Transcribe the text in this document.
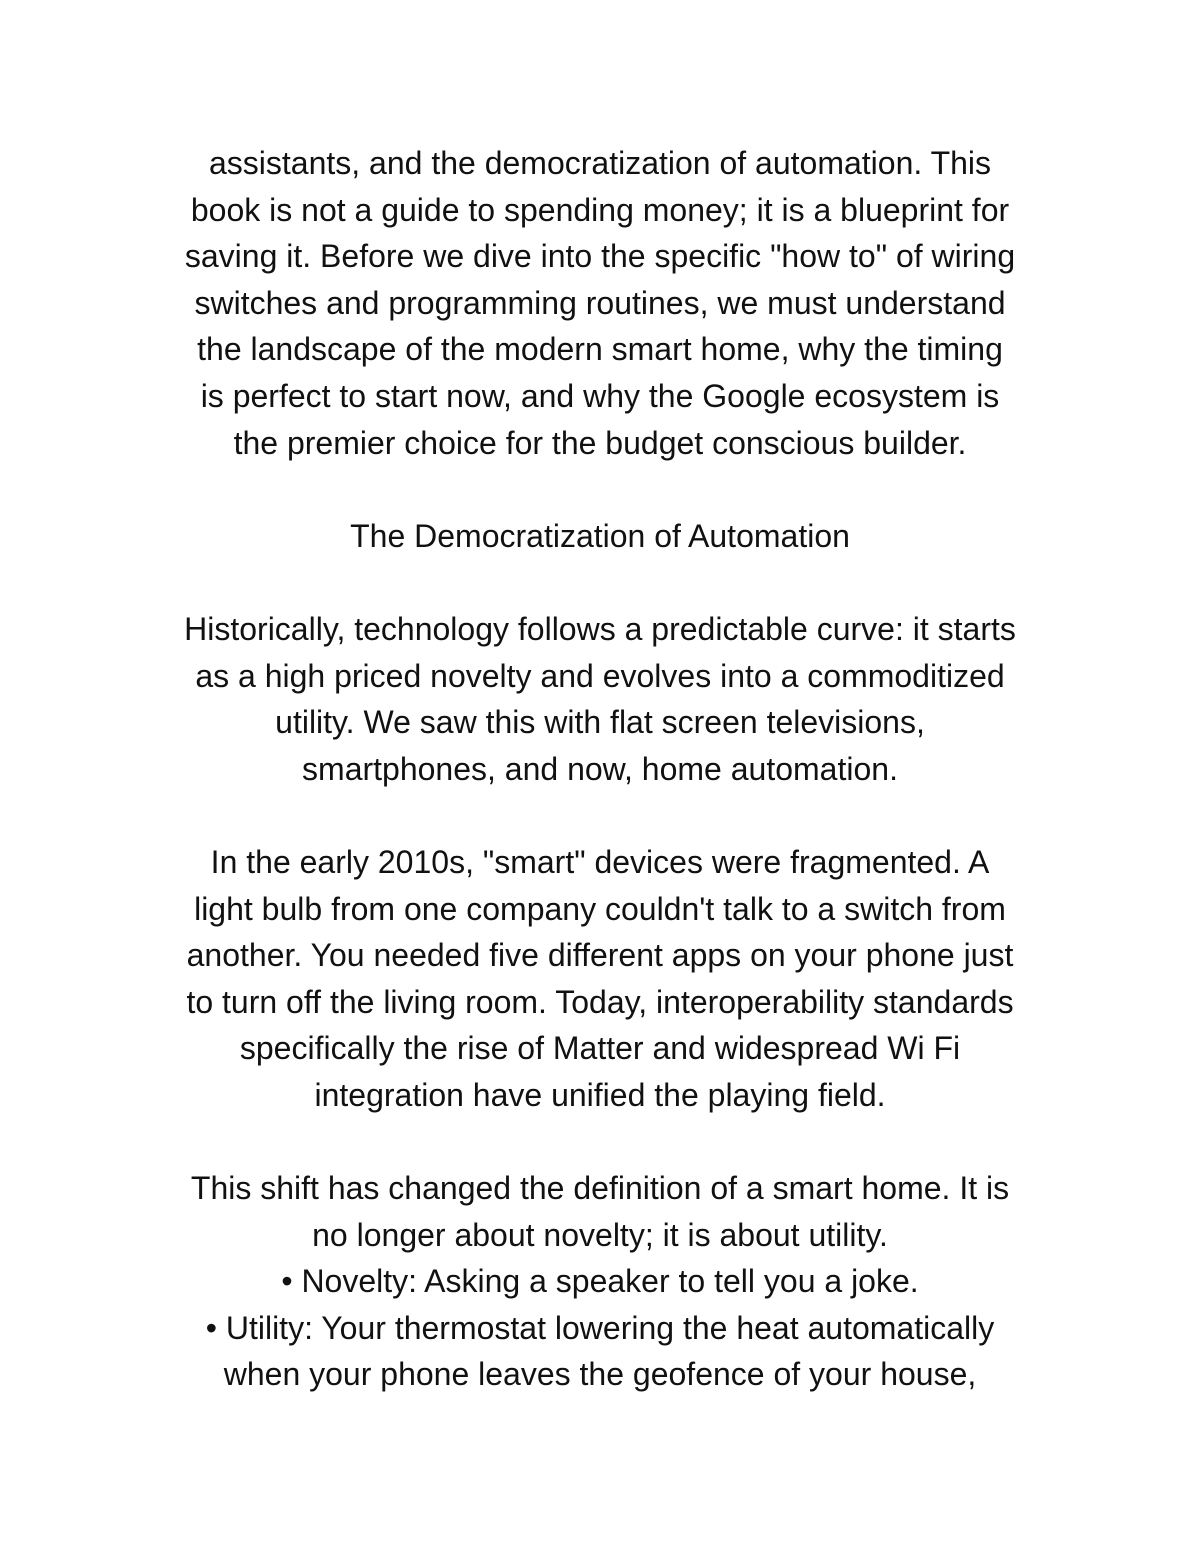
assistants, and the democratization of automation. This
book is not a guide to spending money; it is a blueprint for
saving it. Before we dive into the specific "how to" of wiring
switches and programming routines, we must understand
the landscape of the modern smart home, why the timing
is perfect to start now, and why the Google ecosystem is
the premier choice for the budget conscious builder.
The Democratization of Automation
Historically, technology follows a predictable curve: it starts
as a high priced novelty and evolves into a commoditized
utility. We saw this with flat screen televisions,
smartphones, and now, home automation.
In the early 2010s, "smart" devices were fragmented. A
light bulb from one company couldn't talk to a switch from
another. You needed five different apps on your phone just
to turn off the living room. Today, interoperability standards
specifically the rise of Matter and widespread Wi Fi
integration have unified the playing field.
This shift has changed the definition of a smart home. It is
no longer about novelty; it is about utility.
• Novelty: Asking a speaker to tell you a joke.
• Utility: Your thermostat lowering the heat automatically
when your phone leaves the geofence of your house,
